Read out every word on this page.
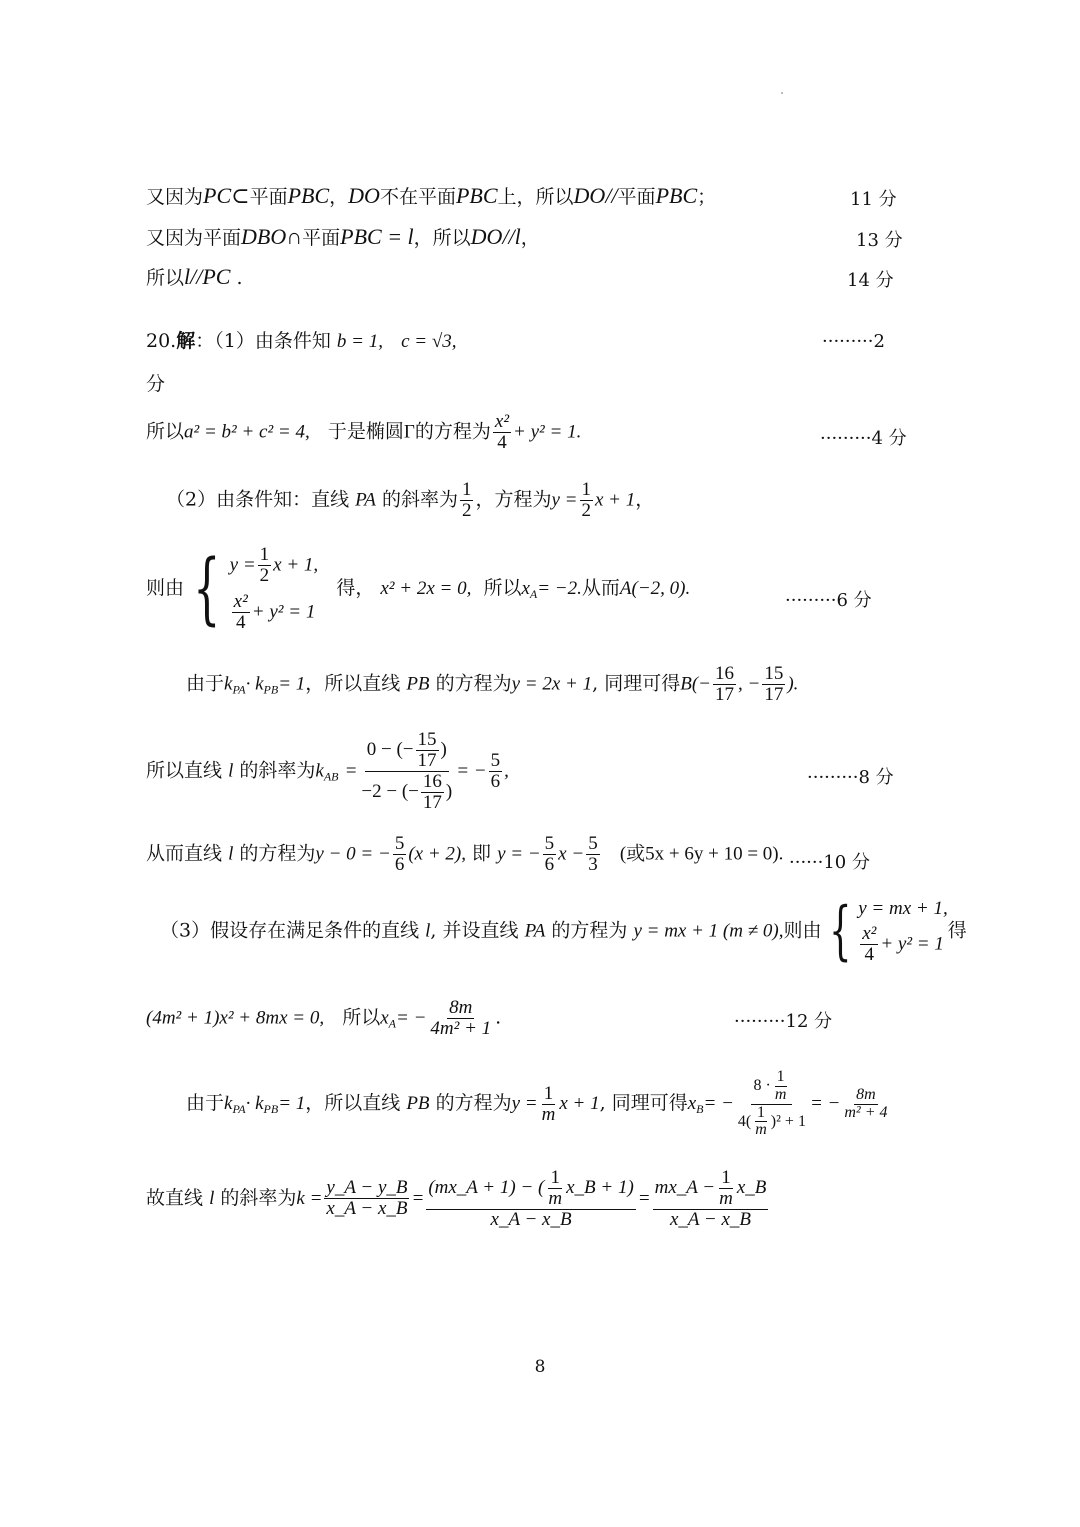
又因为PC⊂平面PBC，DO不在平面PBC上，所以DO//平面PBC；	11 分
又因为平面DBO∩平面PBC = l，所以DO//l，	13 分
所以l//PC .	14 分
20.解：（1）由条件知 b = 1, c = √3,	·········2
分
所以a² = b² + c² = 4, 于是椭圆Γ的方程为 $\frac{\text{x²}}{4} + y^2 = 1$.	·········4 分
（2）由条件知：直线 PA 的斜率为 $\frac{1}{2}$ ，方程为$y = \frac{1}{2}$ x + 1，
则由 { $y = \frac{1}{2}$ x + 1,
$\frac{\text{x²}}{4} + y^2 = 1$
得， x² + 2x = 0, 所以$x_A= -2$.从而A(−2, 0).
·········6 分
由于$k_{PA}\cdot k_{PB}= 1$，所以直线 PB 的方程为y = 2x + 1, 同理可得$B(- \frac{16}{17}$ , − $\frac{15}{17}$ ).
所以直线 l 的斜率为$k_{AB} = \frac{0 - (- \frac{15}{17} )}{-2 - (- \frac{16}{17} )}$ = − $\frac{5}{6}$ ,	·········8 分
从而直线 l 的方程为y − 0 = − $\frac{5}{6} (x + 2)$, 即 y = − $\frac{5}{6}$ $x - \frac{5}{3}$ (或5x + 6y + 10 = 0). ······10 分
（3）假设存在满足条件的直线 l, 并设直线 PA 的方程为 y = mx + 1 (m ≠ 0),则由 { y = mx + 1,
$\frac{\text{x²}}{4} + y^2 = 1$
得
(4m² + 1)x² + 8mx = 0, 所以$x_A= - \frac{8m}{\text{4m² + 1}}$ .	·········12 分
由于$k_{PA}\cdot k_{PB}= 1$，所以直线 PB 的方程为$y = \frac{1}{m}$ x + 1, 同理可得$x_B= - \frac{8 \cdot \frac{1}{m}}{4( \frac{1}{m} )^2 + 1}$ = − $\frac{8m}{\text{m² + 4}}$
故直线 l 的斜率为$k = \frac{y\_A - y\_B}{x\_A - x\_B} = \frac{(mx\_A + 1) - ( \frac{1}{m} x\_B + 1)}{x\_A - x\_B} = \frac{mx\_A - \frac{1}{m} x\_B}{x\_A - x\_B}$
8
